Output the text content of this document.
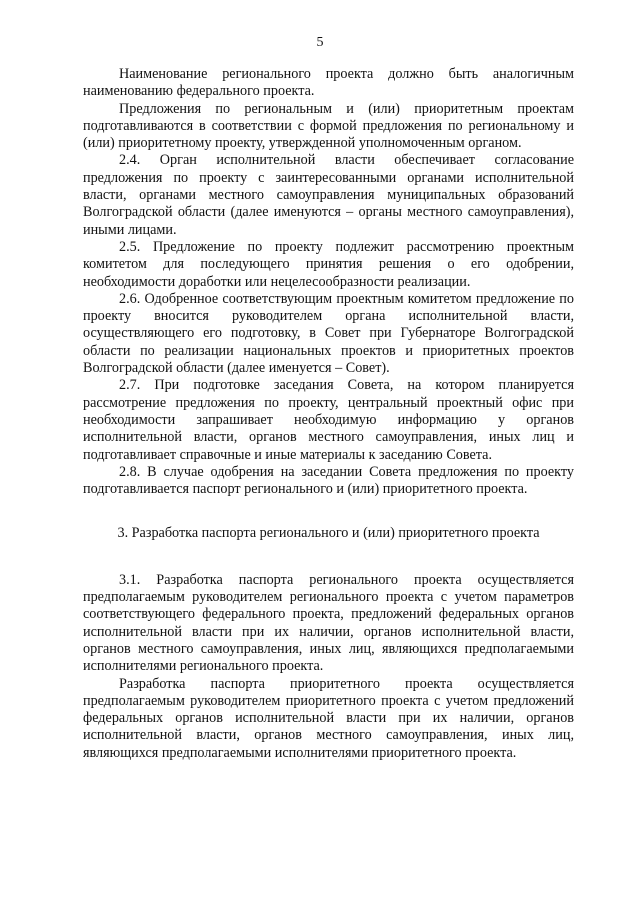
5

Наименование регионального проекта должно быть аналогичным наименованию федерального проекта.

Предложения по региональным и (или) приоритетным проектам подготавливаются в соответствии с формой предложения по региональному и (или) приоритетному проекту, утвержденной уполномоченным органом.

2.4. Орган исполнительной власти обеспечивает согласование предложения по проекту с заинтересованными органами исполнительной власти, органами местного самоуправления муниципальных образований Волгоградской области (далее именуются – органы местного самоуправления), иными лицами.

2.5. Предложение по проекту подлежит рассмотрению проектным комитетом для последующего принятия решения о его одобрении, необходимости доработки или нецелесообразности реализации.

2.6. Одобренное соответствующим проектным комитетом предложение по проекту вносится руководителем органа исполнительной власти, осуществляющего его подготовку, в Совет при Губернаторе Волгоградской области по реализации национальных проектов и приоритетных проектов Волгоградской области (далее именуется – Совет).

2.7. При подготовке заседания Совета, на котором планируется рассмотрение предложения по проекту, центральный проектный офис при необходимости запрашивает необходимую информацию у органов исполнительной власти, органов местного самоуправления, иных лиц и подготавливает справочные и иные материалы к заседанию Совета.

2.8. В случае одобрения на заседании Совета предложения по проекту подготавливается паспорт регионального и (или) приоритетного проекта.

3. Разработка паспорта регионального и (или) приоритетного проекта

3.1. Разработка паспорта регионального проекта осуществляется предполагаемым руководителем регионального проекта с учетом параметров соответствующего федерального проекта, предложений федеральных органов исполнительной власти при их наличии, органов исполнительной власти, органов местного самоуправления, иных лиц, являющихся предполагаемыми исполнителями регионального проекта.

Разработка паспорта приоритетного проекта осуществляется предполагаемым руководителем приоритетного проекта с учетом предложений федеральных органов исполнительной власти при их наличии, органов исполнительной власти, органов местного самоуправления, иных лиц, являющихся предполагаемыми исполнителями приоритетного проекта.
